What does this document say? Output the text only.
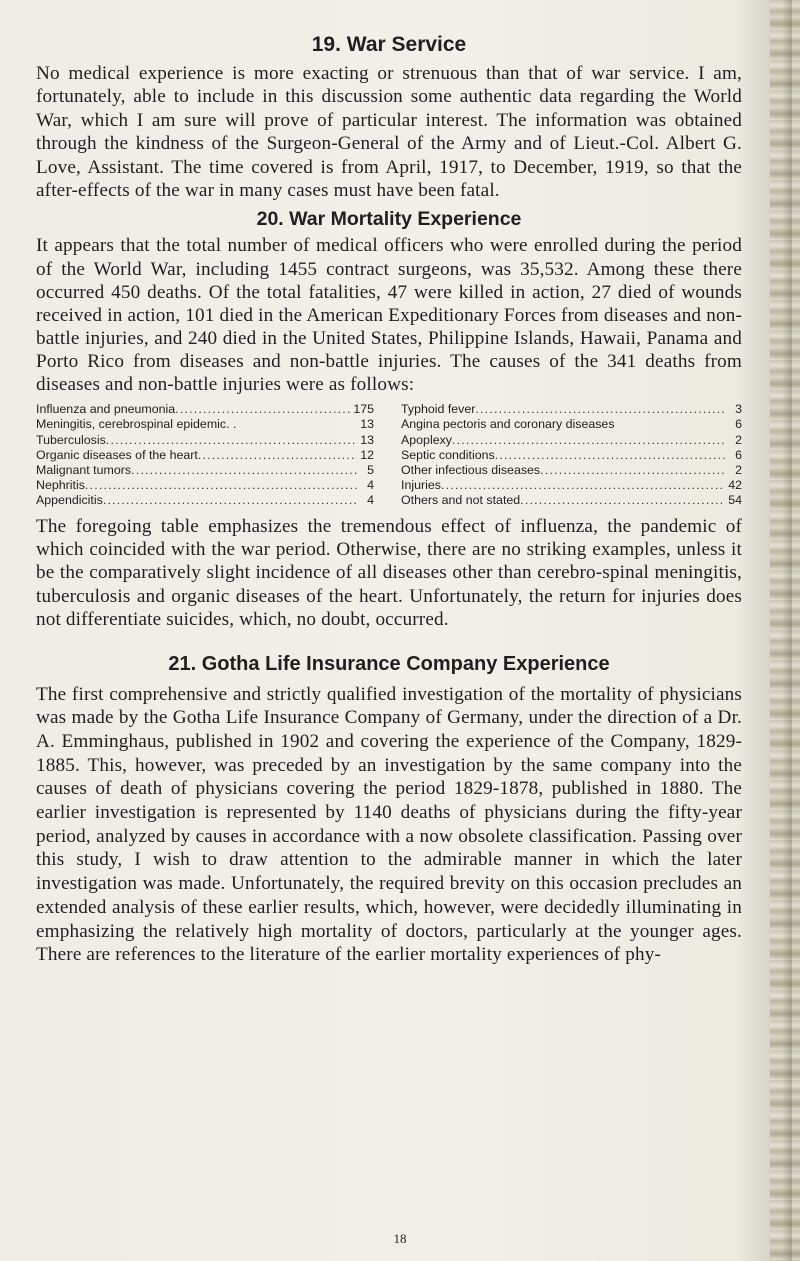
19. War Service

No medical experience is more exacting or strenuous than that of war service. I am, fortunately, able to include in this discussion some authentic data regarding the World War, which I am sure will prove of particular interest. The information was obtained through the kindness of the Surgeon-General of the Army and of Lieut.-Col. Albert G. Love, Assistant. The time covered is from April, 1917, to December, 1919, so that the after-effects of the war in many cases must have been fatal.

20. War Mortality Experience

It appears that the total number of medical officers who were enrolled during the period of the World War, including 1455 contract surgeons, was 35,532. Among these there occurred 450 deaths. Of the total fatalities, 47 were killed in action, 27 died of wounds received in action, 101 died in the American Expeditionary Forces from diseases and non-battle injuries, and 240 died in the United States, Philippine Islands, Hawaii, Panama and Porto Rico from diseases and non-battle injuries. The causes of the 341 deaths from diseases and non-battle injuries were as follows:

Influenza and pneumonia .....	175
Meningitis, cerebrospinal epidemic. .	13
Tuberculosis .....	13
Organic diseases of the heart .....	12
Malignant tumors .....	5
Nephritis .....	4
Appendicitis .....	4
Typhoid fever .....	3
Angina pectoris and coronary diseases	6
Apoplexy .....	2
Septic conditions .....	6
Other infectious diseases .....	2
Injuries .....	42
Others and not stated .....	54

The foregoing table emphasizes the tremendous effect of influenza, the pandemic of which coincided with the war period. Otherwise, there are no striking examples, unless it be the comparatively slight incidence of all diseases other than cerebro-spinal meningitis, tuberculosis and organic diseases of the heart. Unfortunately, the return for injuries does not differentiate suicides, which, no doubt, occurred.

21. Gotha Life Insurance Company Experience

The first comprehensive and strictly qualified investigation of the mortality of physicians was made by the Gotha Life Insurance Company of Germany, under the direction of a Dr. A. Emminghaus, published in 1902 and covering the experience of the Company, 1829-1885. This, however, was preceded by an investigation by the same company into the causes of death of physicians covering the period 1829-1878, published in 1880. The earlier investigation is represented by 1140 deaths of physicians during the fifty-year period, analyzed by causes in accordance with a now obsolete classification. Passing over this study, I wish to draw attention to the admirable manner in which the later investigation was made. Unfortunately, the required brevity on this occasion precludes an extended analysis of these earlier results, which, however, were decidedly illuminating in emphasizing the relatively high mortality of doctors, particularly at the younger ages. There are references to the literature of the earlier mortality experiences of phy-

18
